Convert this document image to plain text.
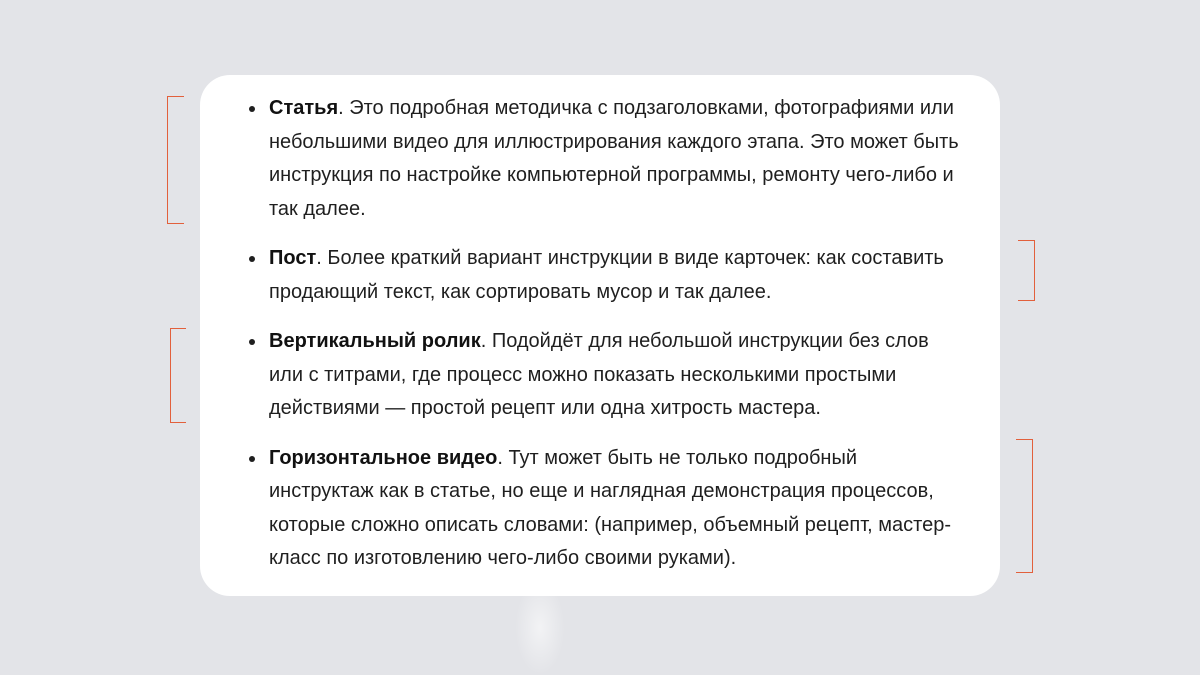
Статья. Это подробная методичка с подзаголовками, фотографиями или небольшими видео для иллюстрирования каждого этапа. Это может быть инструкция по настройке компьютерной программы, ремонту чего-либо и так далее.
Пост. Более краткий вариант инструкции в виде карточек: как составить продающий текст, как сортировать мусор и так далее.
Вертикальный ролик. Подойдёт для небольшой инструкции без слов или с титрами, где процесс можно показать несколькими простыми действиями — простой рецепт или одна хитрость мастера.
Горизонтальное видео. Тут может быть не только подробный инструктаж как в статье, но еще и наглядная демонстрация процессов, которые сложно описать словами: (например, объемный рецепт, мастер-класс по изготовлению чего-либо своими руками).
